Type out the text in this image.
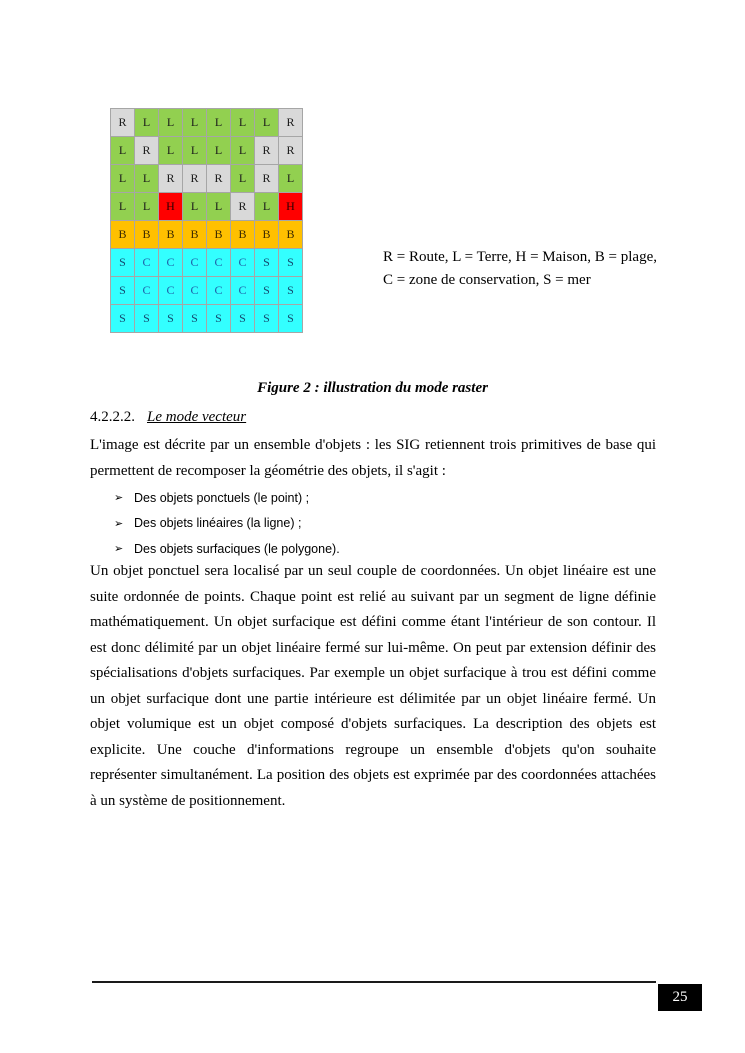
R	L	L	L	L	L	L	R
L	R	L	L	L	L	R	R
L	L	R	R	R	L	R	L
L	L	H	L	L	R	L	H
B	B	B	B	B	B	B	B
S	C	C	C	C	C	S	S
S	C	C	C	C	C	S	S
S	S	S	S	S	S	S	S
R = Route, L = Terre, H = Maison, B = plage,
C = zone de conservation, S = mer
Figure 2 : illustration du mode raster
4.2.2.2. Le mode vecteur
L'image est décrite par un ensemble d'objets : les SIG retiennent trois primitives de base qui permettent de recomposer la géométrie des objets, il s'agit :
➢ Des objets ponctuels (le point) ;
➢ Des objets linéaires (la ligne) ;
➢ Des objets surfaciques (le polygone).
Un objet ponctuel sera localisé par un seul couple de coordonnées. Un objet linéaire est une suite ordonnée de points. Chaque point est relié au suivant par un segment de ligne définie mathématiquement. Un objet surfacique est défini comme étant l'intérieur de son contour. Il est donc délimité par un objet linéaire fermé sur lui-même. On peut par extension définir des spécialisations d'objets surfaciques. Par exemple un objet surfacique à trou est défini comme un objet surfacique dont une partie intérieure est délimitée par un objet linéaire fermé. Un objet volumique est un objet composé d'objets surfaciques. La description des objets est explicite. Une couche d'informations regroupe un ensemble d'objets qu'on souhaite représenter simultanément. La position des objets est exprimée par des coordonnées attachées à un système de positionnement.
25
